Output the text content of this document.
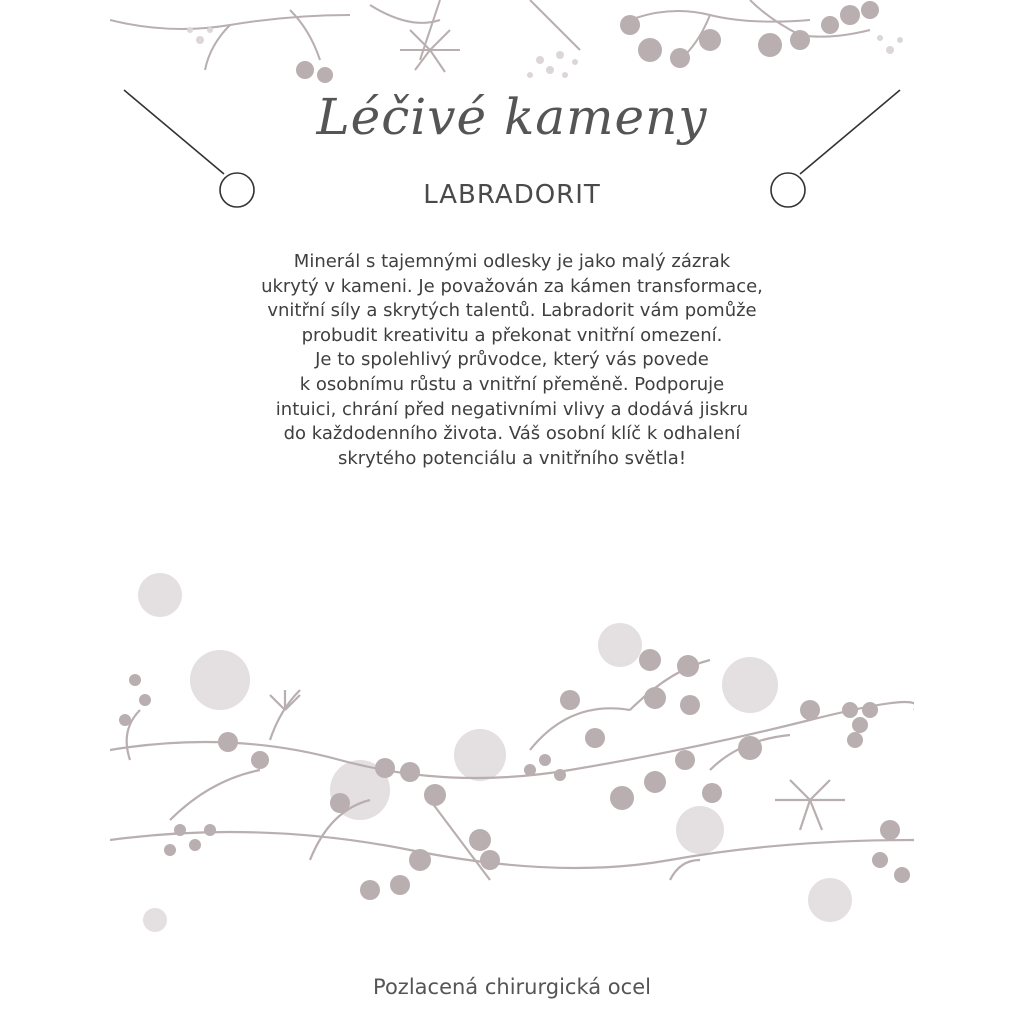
Léčivé kameny
LABRADORIT
Minerál s tajemnými odlesky je jako malý zázrak
ukrytý v kameni. Je považován za kámen transformace,
vnitřní síly a skrytých talentů. Labradorit vám pomůže
probudit kreativitu a překonat vnitřní omezení.
Je to spolehlivý průvodce, který vás povede
k osobnímu růstu a vnitřní přeměně. Podporuje
intuici, chrání před negativními vlivy a dodává jiskru
do každodenního života. Váš osobní klíč k odhalení
skrytého potenciálu a vnitřního světla!
Pozlacená chirurgická ocel
